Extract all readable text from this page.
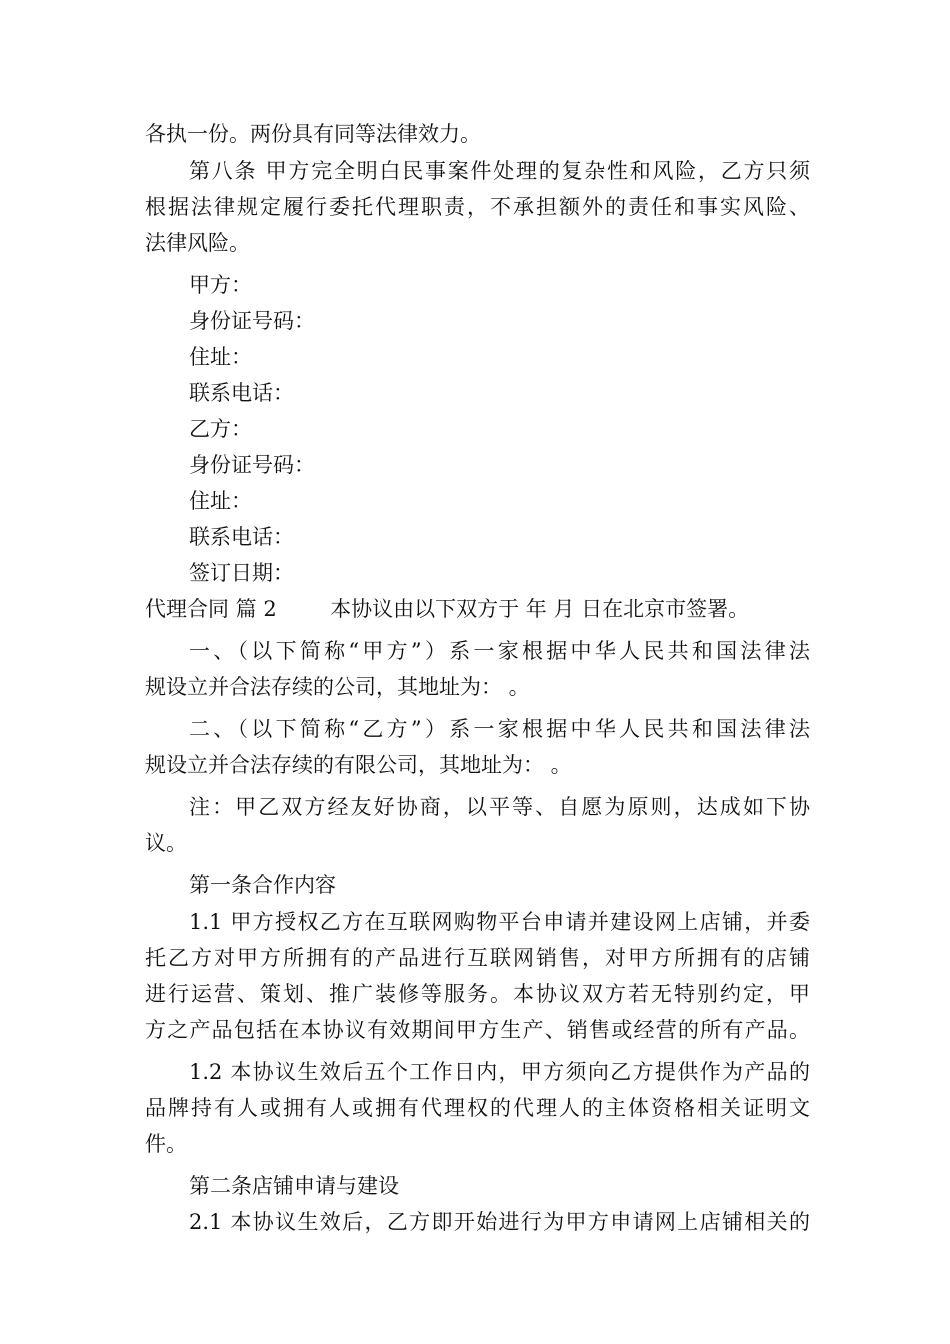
各执一份。两份具有同等法律效力。
第八条 甲方完全明白民事案件处理的复杂性和风险，乙方只须
根据法律规定履行委托代理职责，不承担额外的责任和事实风险、
法律风险。
甲方：
身份证号码：
住址：
联系电话：
乙方：
身份证号码：
住址：
联系电话：
签订日期：
代理合同 篇 2        本协议由以下双方于 年 月 日在北京市签署。
一、（以下简称“甲方”）系一家根据中华人民共和国法律法
规设立并合法存续的公司，其地址为： 。
二、（以下简称“乙方”）系一家根据中华人民共和国法律法
规设立并合法存续的有限公司，其地址为： 。
注：甲乙双方经友好协商，以平等、自愿为原则，达成如下协
议。
第一条合作内容
1.1 甲方授权乙方在互联网购物平台申请并建设网上店铺，并委
托乙方对甲方所拥有的产品进行互联网销售，对甲方所拥有的店铺
进行运营、策划、推广装修等服务。本协议双方若无特别约定，甲
方之产品包括在本协议有效期间甲方生产、销售或经营的所有产品。
1.2 本协议生效后五个工作日内，甲方须向乙方提供作为产品的
品牌持有人或拥有人或拥有代理权的代理人的主体资格相关证明文
件。
第二条店铺申请与建设
2.1 本协议生效后，乙方即开始进行为甲方申请网上店铺相关的
